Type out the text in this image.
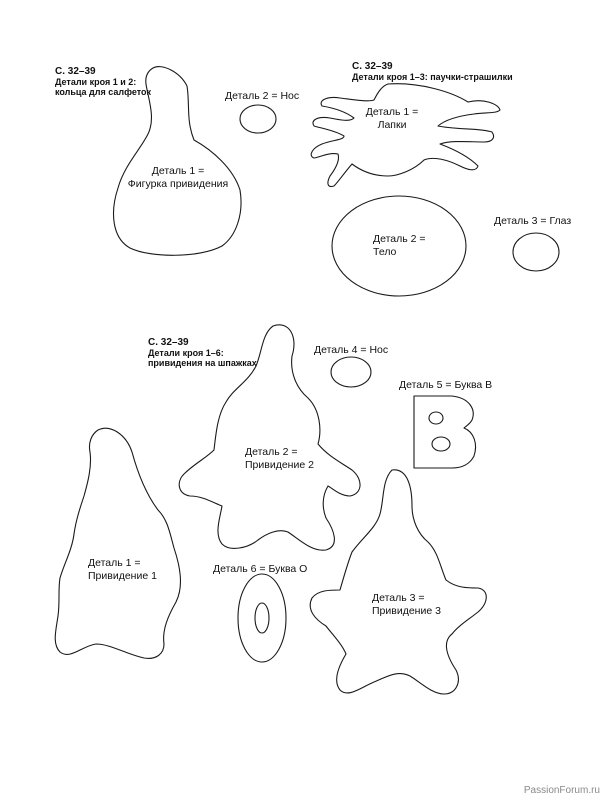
С. 32–39
Детали кроя 1 и 2:
кольца для салфеток	Деталь 2 = Нос
Деталь 1 =
Фигурка привидения
С. 32–39
Детали кроя 1–3: паучки-страшилки
Деталь 1 =
Лапки
Деталь 2 =
Тело
Деталь 3 = Глаз
С. 32–39
Детали кроя 1–6:
привидения на шпажках
Деталь 4 = Нос
Деталь 5 = Буква В
Деталь 2 =
Привидение 2
Деталь 1 =
Привидение 1
Деталь 6 = Буква О
Деталь 3 =
Привидение 3
PassionForum.ru
